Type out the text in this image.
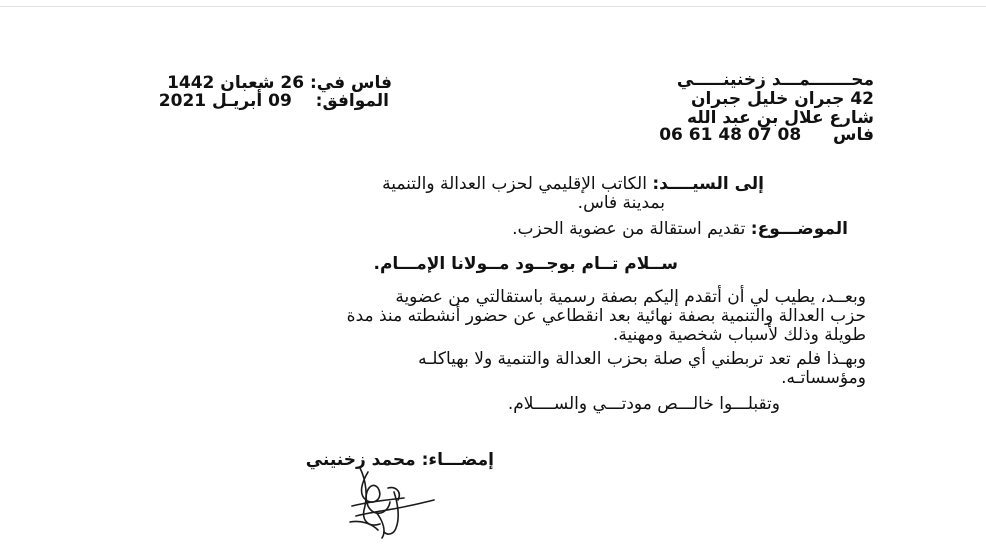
محـــــــمـــد زخنينـــــي
42 جبران خليل جبران
شارع علال بن عبد الله
فاس  06 61 48 07 08
فاس في: 26 شعبان 1442
الموافق:  09 أبريـل 2021
إلى السيــــد: الكاتب الإقليمي لحزب العدالة والتنمية
بمدينة فاس.
الموضـــوع: تقديم استقالة من عضوية الحزب.
ســلام تــام بوجــود مــولانا الإمـــام.
وبعــد، يطيب لي أن أتقدم إليكم بصفة رسمية باستقالتي من عضوية
حزب العدالة والتنمية بصفة نهائية بعد انقطاعي عن حضور أنشطته منذ مدة
طويلة وذلك لأسباب شخصية ومهنية.
وبهـذا فلم تعد تربطني أي صلة بحزب العدالة والتنمية ولا بهياكلـه
ومؤسساتـه.
وتقبلـــوا خالـــص مودتـــي والســــلام.
إمضـــاء: محمد زخنيني
